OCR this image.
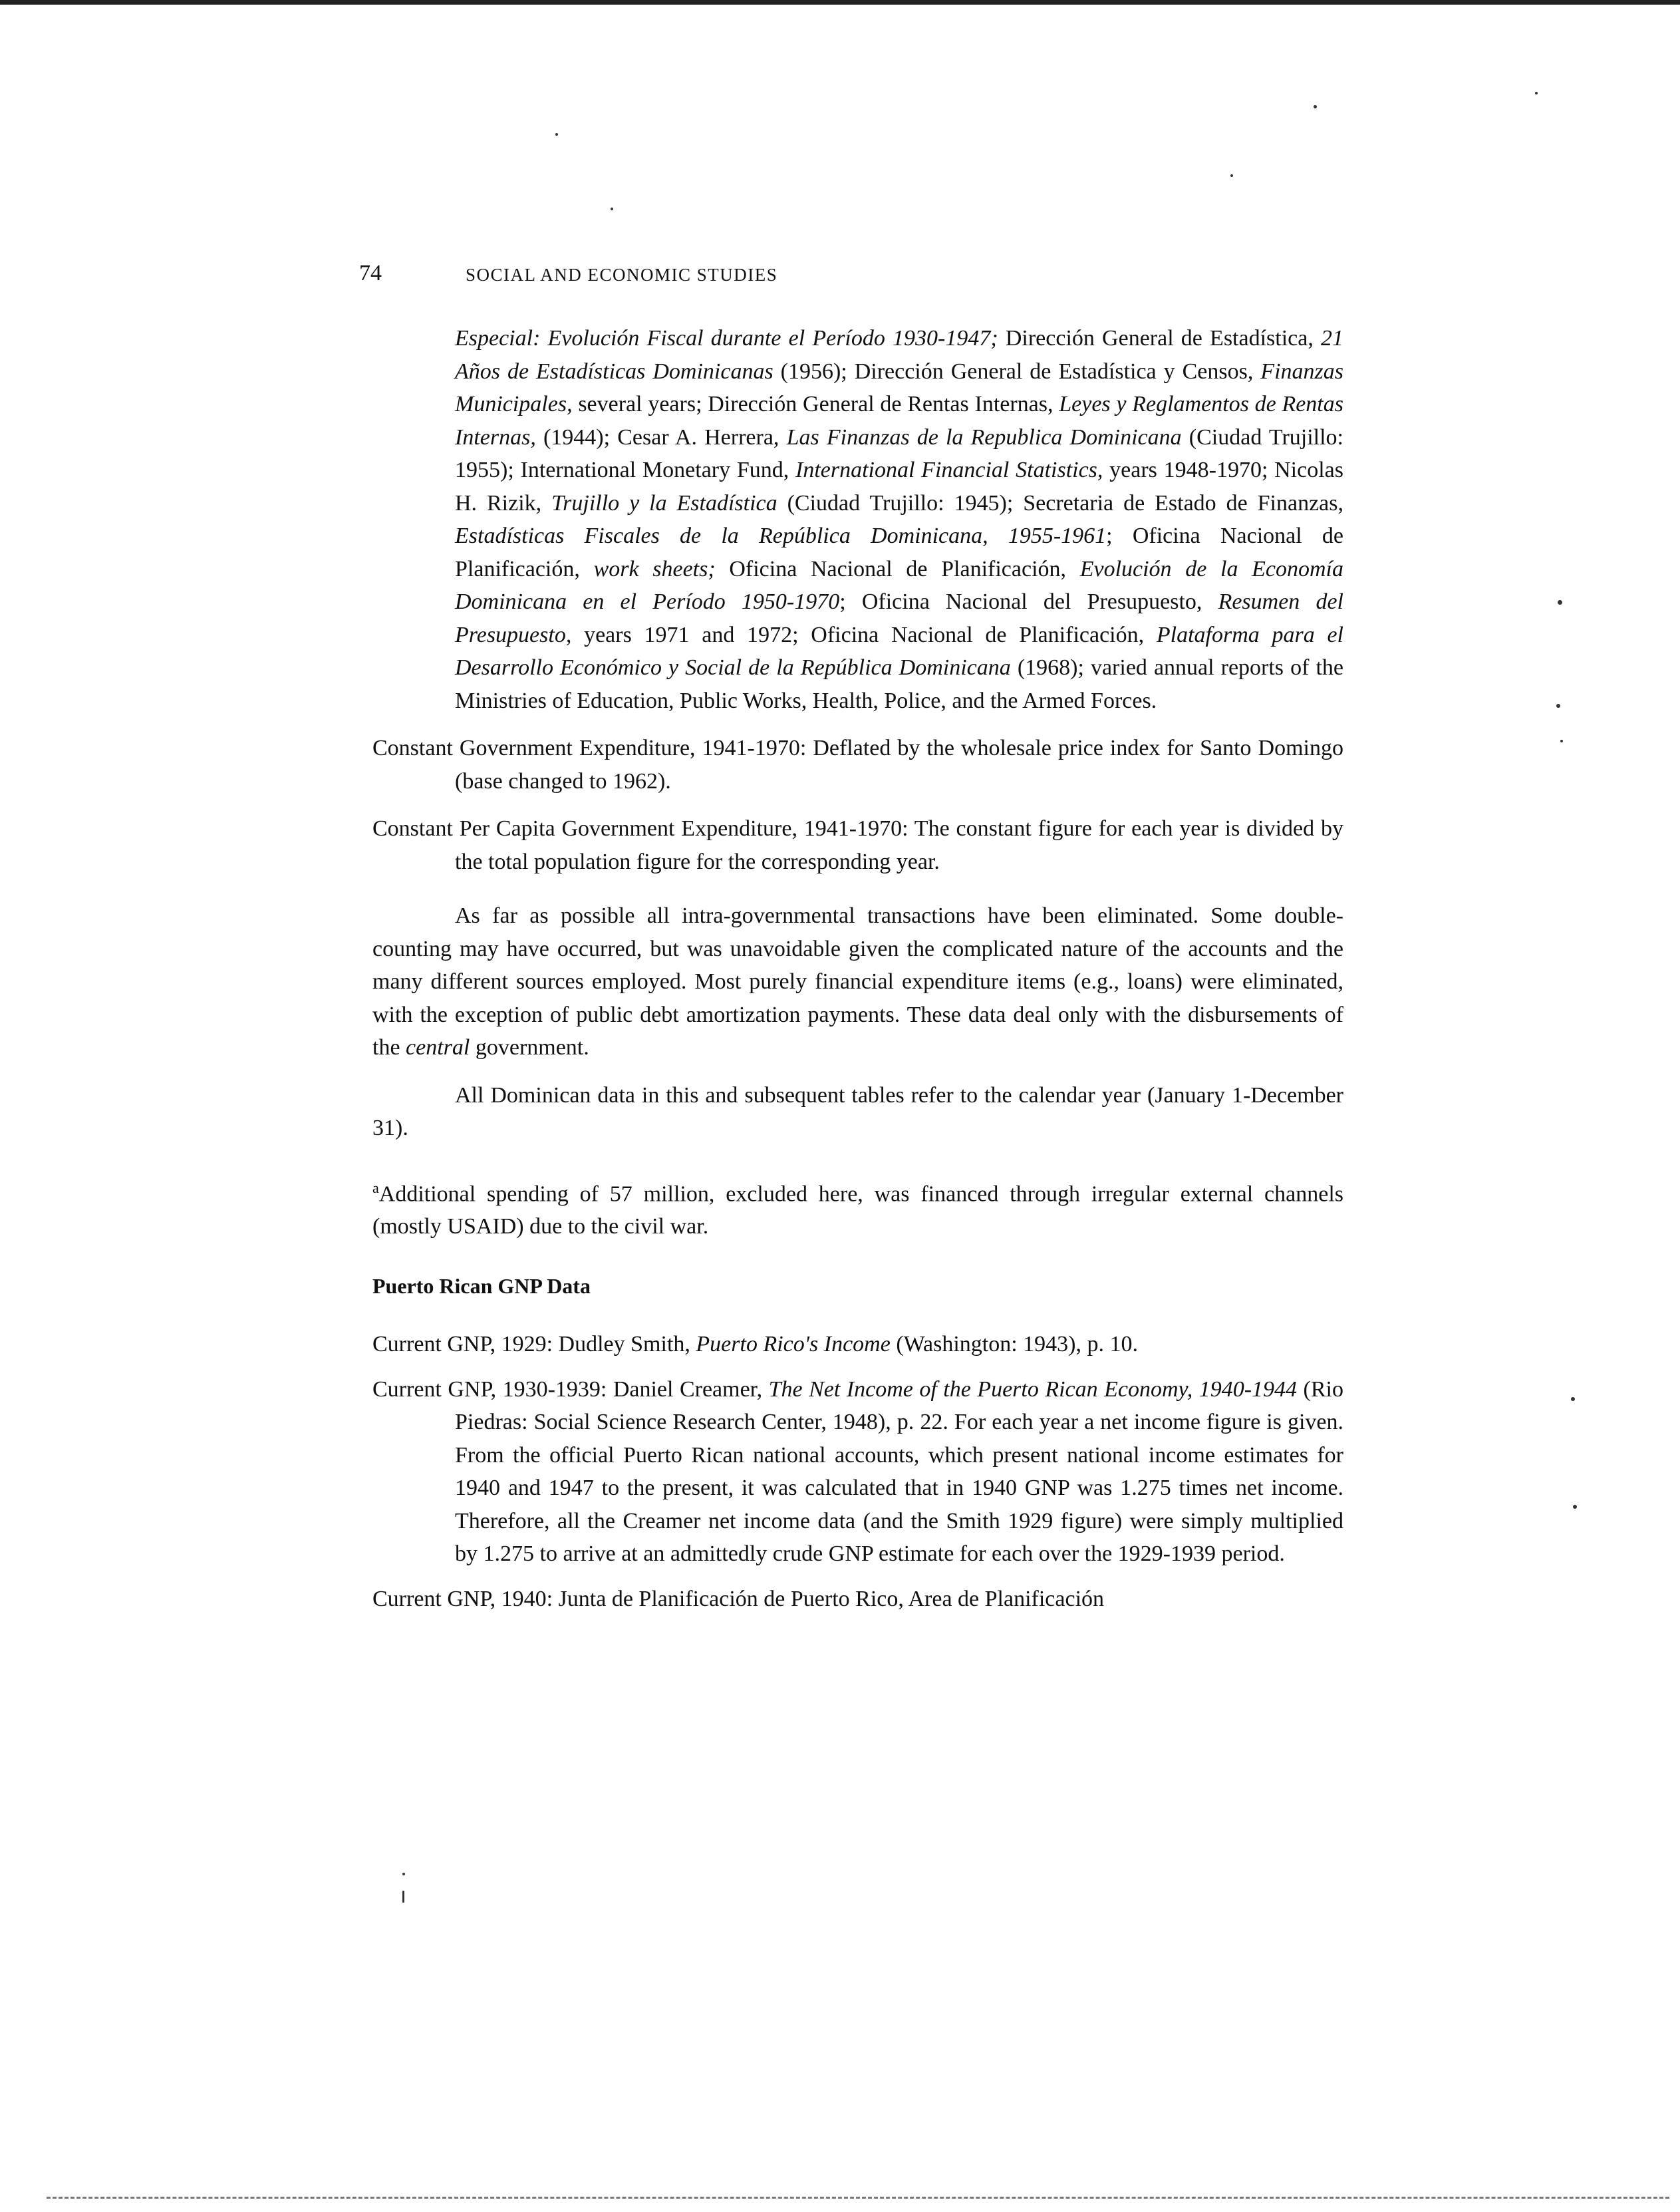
74	SOCIAL AND ECONOMIC STUDIES

Especial: Evolución Fiscal durante el Período 1930-1947; Dirección General de Estadística, 21 Años de Estadísticas Dominicanas (1956); Dirección General de Estadística y Censos, Finanzas Municipales, several years; Dirección General de Rentas Internas, Leyes y Reglamentos de Rentas Internas, (1944); Cesar A. Herrera, Las Finanzas de la Republica Dominicana (Ciudad Trujillo: 1955); International Monetary Fund, International Financial Statistics, years 1948-1970; Nicolas H. Rizik, Trujillo y la Estadística (Ciudad Trujillo: 1945); Secretaria de Estado de Finanzas, Estadísticas Fiscales de la República Dominicana, 1955-1961; Oficina Nacional de Planificación, work sheets; Oficina Nacional de Planificación, Evolución de la Economía Dominicana en el Período 1950-1970; Oficina Nacional del Presupuesto, Resumen del Presupuesto, years 1971 and 1972; Oficina Nacional de Planificación, Plataforma para el Desarrollo Económico y Social de la República Dominicana (1968); varied annual reports of the Ministries of Education, Public Works, Health, Police, and the Armed Forces.

Constant Government Expenditure, 1941-1970: Deflated by the wholesale price index for Santo Domingo (base changed to 1962).

Constant Per Capita Government Expenditure, 1941-1970: The constant figure for each year is divided by the total population figure for the corresponding year.

As far as possible all intra-governmental transactions have been eliminated. Some double-counting may have occurred, but was unavoidable given the complicated nature of the accounts and the many different sources employed. Most purely financial expenditure items (e.g., loans) were eliminated, with the exception of public debt amortization payments. These data deal only with the disbursements of the central government.

All Dominican data in this and subsequent tables refer to the calendar year (January 1-December 31).

$^a$Additional spending of 57 million, excluded here, was financed through irregular external channels (mostly USAID) due to the civil war.

Puerto Rican GNP Data

Current GNP, 1929: Dudley Smith, Puerto Rico's Income (Washington: 1943), p. 10.

Current GNP, 1930-1939: Daniel Creamer, The Net Income of the Puerto Rican Economy, 1940-1944 (Rio Piedras: Social Science Research Center, 1948), p. 22. For each year a net income figure is given. From the official Puerto Rican national accounts, which present national income estimates for 1940 and 1947 to the present, it was calculated that in 1940 GNP was 1.275 times net income. Therefore, all the Creamer net income data (and the Smith 1929 figure) were simply multiplied by 1.275 to arrive at an admittedly crude GNP estimate for each over the 1929-1939 period.

Current GNP, 1940: Junta de Planificación de Puerto Rico, Area de Planificación
